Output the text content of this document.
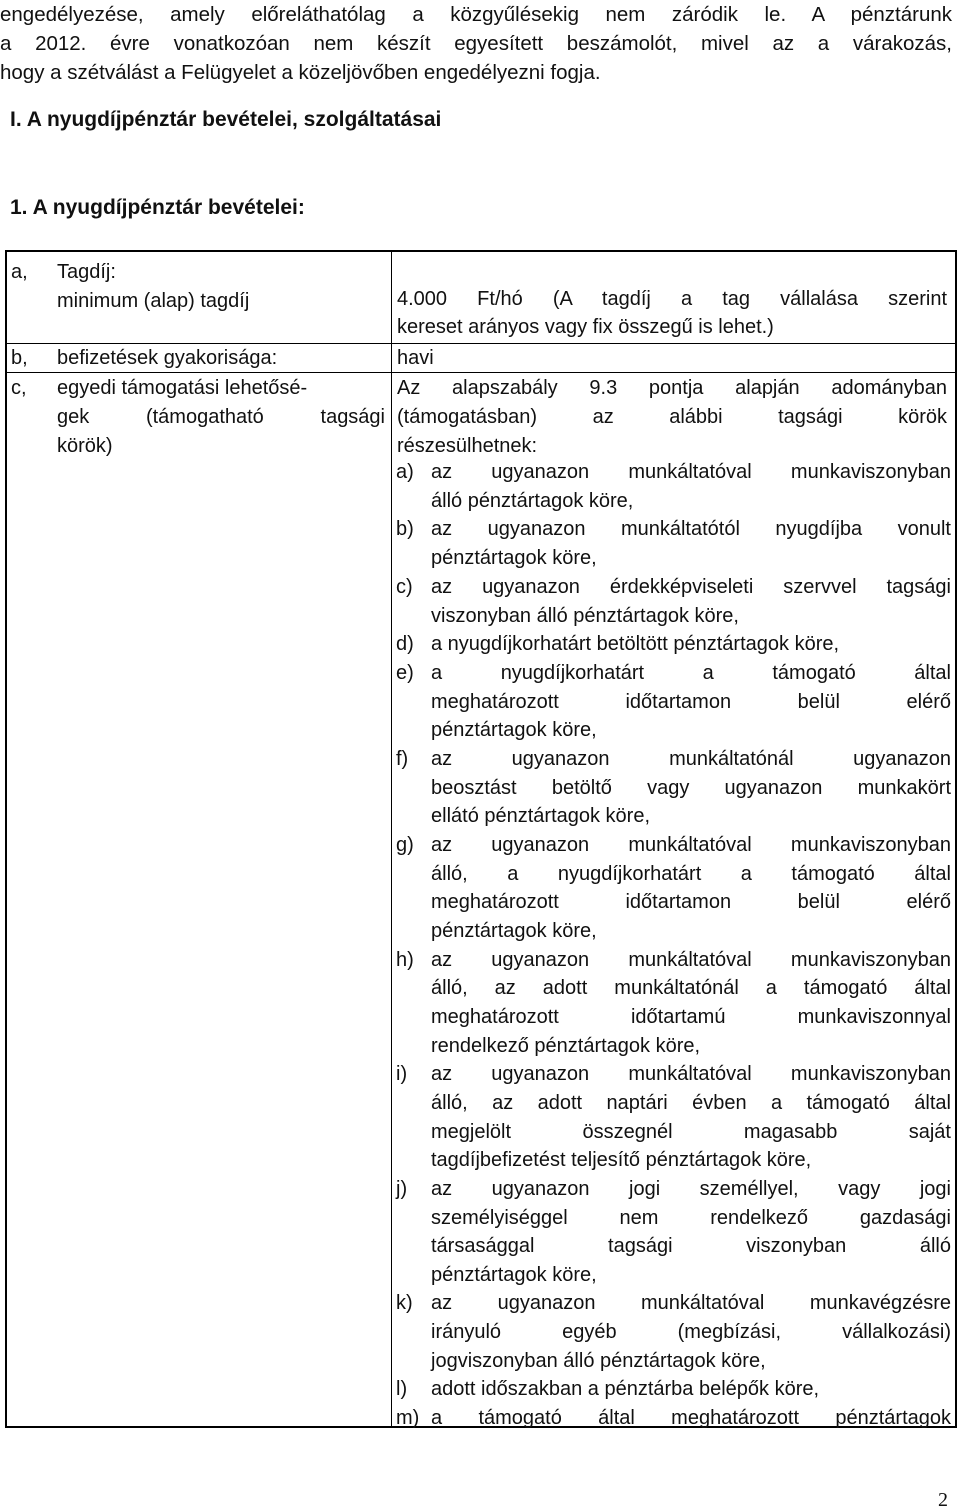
engedélyezése, amely előreláthatólag a közgyűlésekig nem záródik le. A pénztárunk
a 2012. évre vonatkozóan nem készít egyesített beszámolót, mivel az a várakozás,
hogy a szétválást a Felügyelet a közeljövőben engedélyezni fogja.
I. A nyugdíjpénztár bevételei, szolgáltatásai
1. A nyugdíjpénztár bevételei:
a, Tagdíj:
minimum (alap) tagdíj	4.000 Ft/hó (A tagdíj a tag vállalása szerint
kereset arányos vagy fix összegű is lehet.)
b, befizetések gyakorisága:	havi
c, egyedi támogatási lehetősé-
gek (támogatható tagsági
körök)
Az alapszabály 9.3 pontja alapján adományban
(támogatásban) az alábbi tagsági körök
részesülhetnek:
a) az ugyanazon munkáltatóval munkaviszonyban
álló pénztártagok köre,
b) az ugyanazon munkáltatótól nyugdíjba vonult
pénztártagok köre,
c) az ugyanazon érdekképviseleti szervvel tagsági
viszonyban álló pénztártagok köre,
d) a nyugdíjkorhatárt betöltött pénztártagok köre,
e) a nyugdíjkorhatárt a támogató által
meghatározott időtartamon belül elérő
pénztártagok köre,
f) az ugyanazon munkáltatónál ugyanazon
beosztást betöltő vagy ugyanazon munkakört
ellátó pénztártagok köre,
g) az ugyanazon munkáltatóval munkaviszonyban
álló, a nyugdíjkorhatárt a támogató által
meghatározott időtartamon belül elérő
pénztártagok köre,
h) az ugyanazon munkáltatóval munkaviszonyban
álló, az adott munkáltatónál a támogató által
meghatározott időtartamú munkaviszonnyal
rendelkező pénztártagok köre,
i) az ugyanazon munkáltatóval munkaviszonyban
álló, az adott naptári évben a támogató által
megjelölt összegnél magasabb saját
tagdíjbefizetést teljesítő pénztártagok köre,
j) az ugyanazon jogi személlyel, vagy jogi
személyiséggel nem rendelkező gazdasági
társasággal tagsági viszonyban álló
pénztártagok köre,
k) az ugyanazon munkáltatóval munkavégzésre
irányuló egyéb (megbízási, vállalkozási)
jogviszonyban álló pénztártagok köre,
l) adott időszakban a pénztárba belépők köre,
m) a támogató által meghatározott pénztártagok
2
